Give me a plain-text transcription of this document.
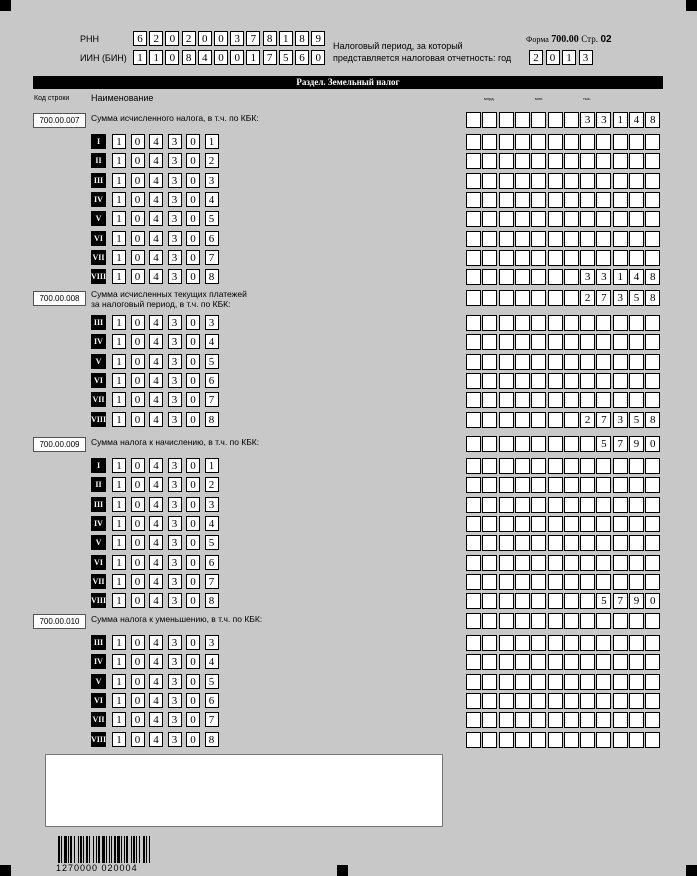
РНН
ИИН (БИН)
Налоговый период, за который
представляется налоговая отчетность: год
Форма 700.00 Стр. 02
Раздел. Земельный налог
Код строки Наименование	млрд.	млн.	тыс.
1270000 020004
6 2 0 2 0 0 3 7 8 1 8 9
1 1 0 8 4 0 0 1 7 5 6 0	2	0	1	3
700.00.007	Сумма исчисленного налога, в т.ч. по КБК:	3 3 1 4 8
I	1	0	4	3	0	1
II	1	0	4	3	0	2
III	1	0	4	3	0	3
IV	1	0	4	3	0	4
V	1	0	4	3	0	5
VI	1	0	4	3	0	6
VII	1	0	4	3	0	7
VIII 1	0	4	3	0	8	3 3 1 4 8
700.00.008	Сумма исчисленных текущих платежей
за налоговый период, в т.ч. по КБК:	2 7 3 5 8
III	1	0	4	3	0	3
IV	1	0	4	3	0	4
V	1	0	4	3	0	5
VI	1	0	4	3	0	6
VII	1	0	4	3	0	7
VIII 1	0	4	3	0	8	2 7 3 5 8
700.00.009	Сумма налога к начислению, в т.ч. по КБК:	5 7 9 0
I	1	0	4	3	0	1
II	1	0	4	3	0	2
III	1	0	4	3	0	3
IV	1	0	4	3	0	4
V	1	0	4	3	0	5
VI	1	0	4	3	0	6
VII	1	0	4	3	0	7
VIII 1	0	4	3	0	8	5 7 9 0
700.00.010	Сумма налога к уменьшению, в т.ч. по КБК:
III	1	0	4	3	0	3
IV	1	0	4	3	0	4
V	1	0	4	3	0	5
VI	1	0	4	3	0	6
VII	1	0	4	3	0	7
VIII 1	0	4	3	0	8
